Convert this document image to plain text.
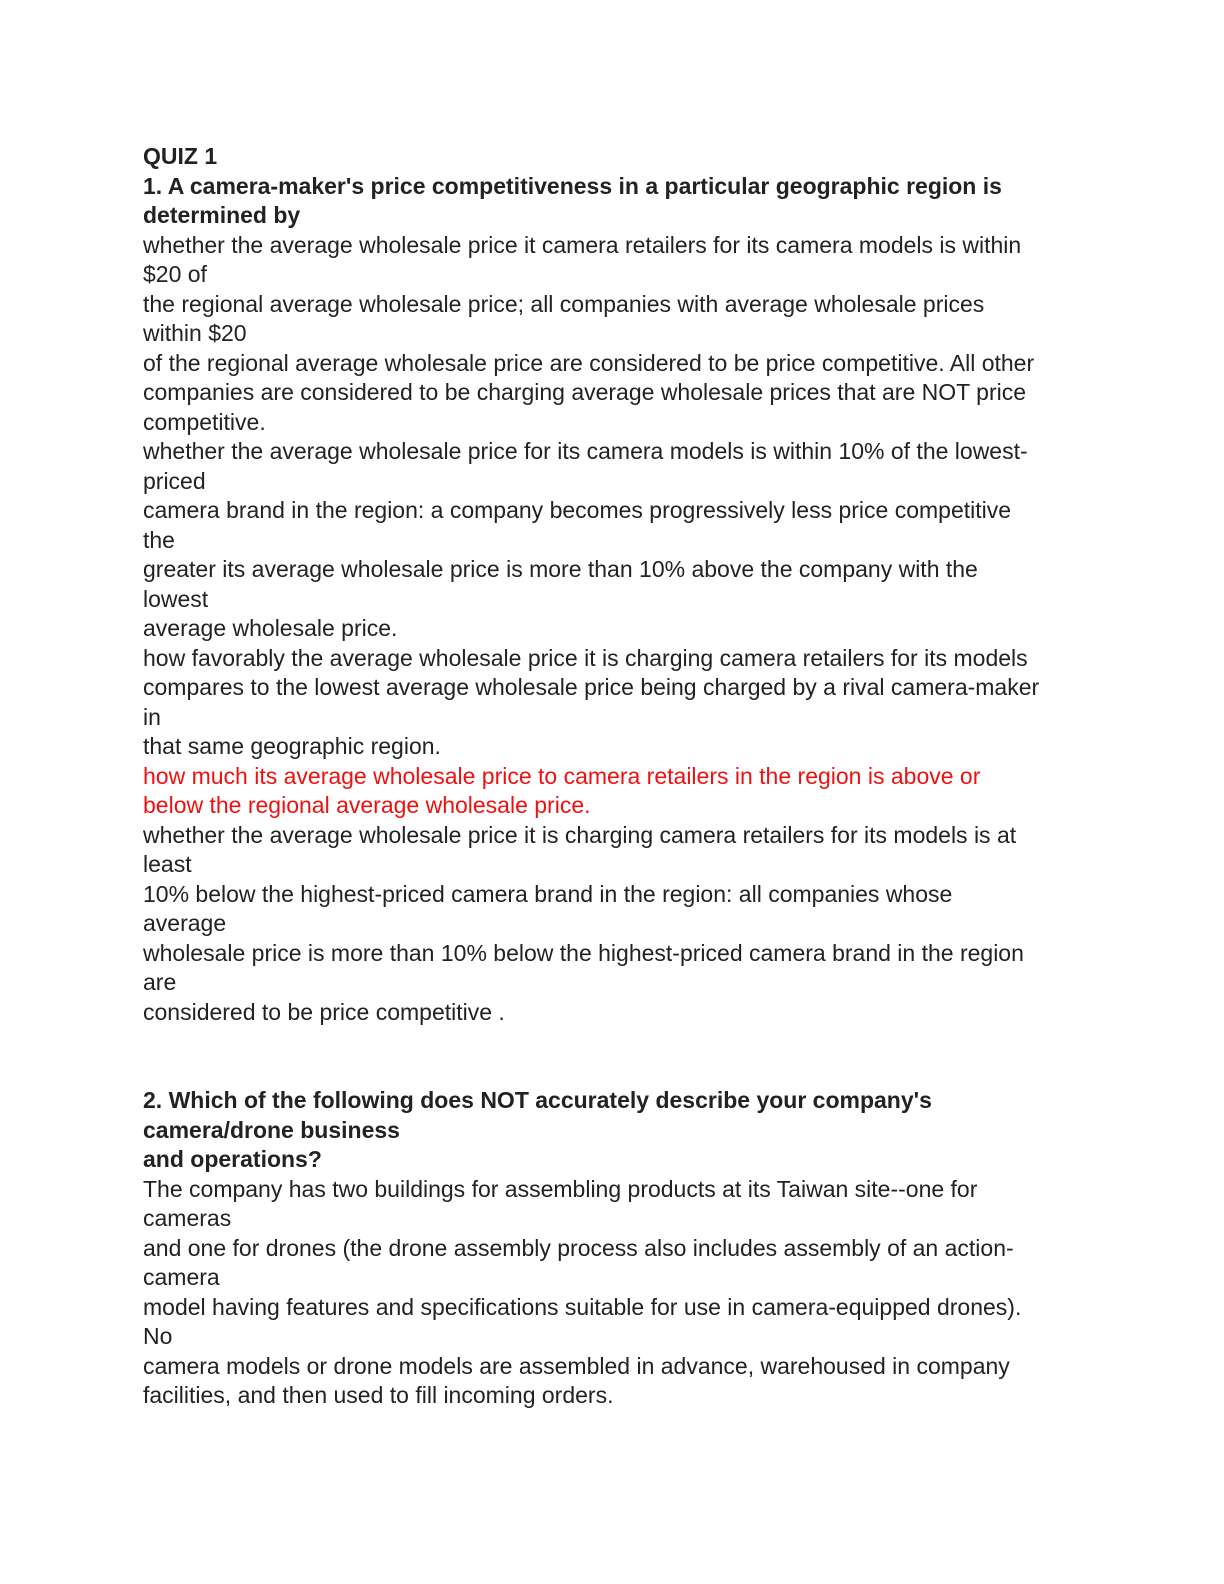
QUIZ 1
1. A camera-maker's price competitiveness in a particular geographic region is
determined by
whether the average wholesale price it camera retailers for its camera models is within
$20 of
the regional average wholesale price; all companies with average wholesale prices
within $20
of the regional average wholesale price are considered to be price competitive. All other
companies are considered to be charging average wholesale prices that are NOT price
competitive.
whether the average wholesale price for its camera models is within 10% of the lowest-
priced
camera brand in the region: a company becomes progressively less price competitive
the
greater its average wholesale price is more than 10% above the company with the
lowest
average wholesale price.
how favorably the average wholesale price it is charging camera retailers for its models
compares to the lowest average wholesale price being charged by a rival camera-maker
in
that same geographic region.
how much its average wholesale price to camera retailers in the region is above or
below the regional average wholesale price.
whether the average wholesale price it is charging camera retailers for its models is at
least
10% below the highest-priced camera brand in the region: all companies whose
average
wholesale price is more than 10% below the highest-priced camera brand in the region
are
considered to be price competitive .
2. Which of the following does NOT accurately describe your company's
camera/drone business
and operations?
The company has two buildings for assembling products at its Taiwan site--one for
cameras
and one for drones (the drone assembly process also includes assembly of an action-
camera
model having features and specifications suitable for use in camera-equipped drones).
No
camera models or drone models are assembled in advance, warehoused in company
facilities, and then used to fill incoming orders.
